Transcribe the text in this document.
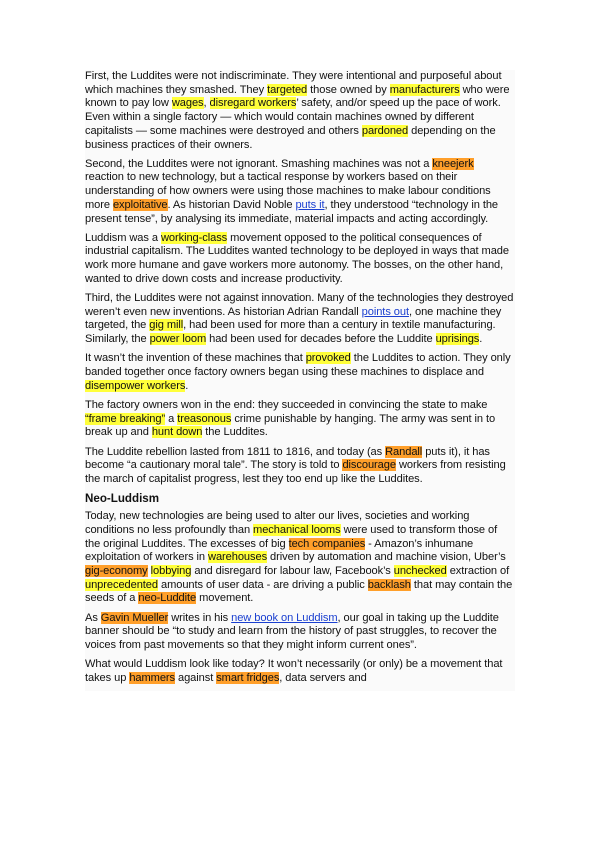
First, the Luddites were not indiscriminate. They were intentional and purposeful about which machines they smashed. They targeted those owned by manufacturers who were known to pay low wages, disregard workers’ safety, and/or speed up the pace of work. Even within a single factory — which would contain machines owned by different capitalists — some machines were destroyed and others pardoned depending on the business practices of their owners.

Second, the Luddites were not ignorant. Smashing machines was not a kneejerk reaction to new technology, but a tactical response by workers based on their understanding of how owners were using those machines to make labour conditions more exploitative. As historian David Noble puts it, they understood “technology in the present tense”, by analysing its immediate, material impacts and acting accordingly.

Luddism was a working-class movement opposed to the political consequences of industrial capitalism. The Luddites wanted technology to be deployed in ways that made work more humane and gave workers more autonomy. The bosses, on the other hand, wanted to drive down costs and increase productivity.

Third, the Luddites were not against innovation. Many of the technologies they destroyed weren’t even new inventions. As historian Adrian Randall points out, one machine they targeted, the gig mill, had been used for more than a century in textile manufacturing. Similarly, the power loom had been used for decades before the Luddite uprisings.

It wasn’t the invention of these machines that provoked the Luddites to action. They only banded together once factory owners began using these machines to displace and disempower workers.

The factory owners won in the end: they succeeded in convincing the state to make “frame breaking” a treasonous crime punishable by hanging. The army was sent in to break up and hunt down the Luddites.

The Luddite rebellion lasted from 1811 to 1816, and today (as Randall puts it), it has become “a cautionary moral tale”. The story is told to discourage workers from resisting the march of capitalist progress, lest they too end up like the Luddites.

Neo-Luddism

Today, new technologies are being used to alter our lives, societies and working conditions no less profoundly than mechanical looms were used to transform those of the original Luddites. The excesses of big tech companies - Amazon’s inhumane exploitation of workers in warehouses driven by automation and machine vision, Uber’s gig-economy lobbying and disregard for labour law, Facebook’s unchecked extraction of unprecedented amounts of user data - are driving a public backlash that may contain the seeds of a neo-Luddite movement.

As Gavin Mueller writes in his new book on Luddism, our goal in taking up the Luddite banner should be “to study and learn from the history of past struggles, to recover the voices from past movements so that they might inform current ones”.

What would Luddism look like today? It won’t necessarily (or only) be a movement that takes up hammers against smart fridges, data servers and
